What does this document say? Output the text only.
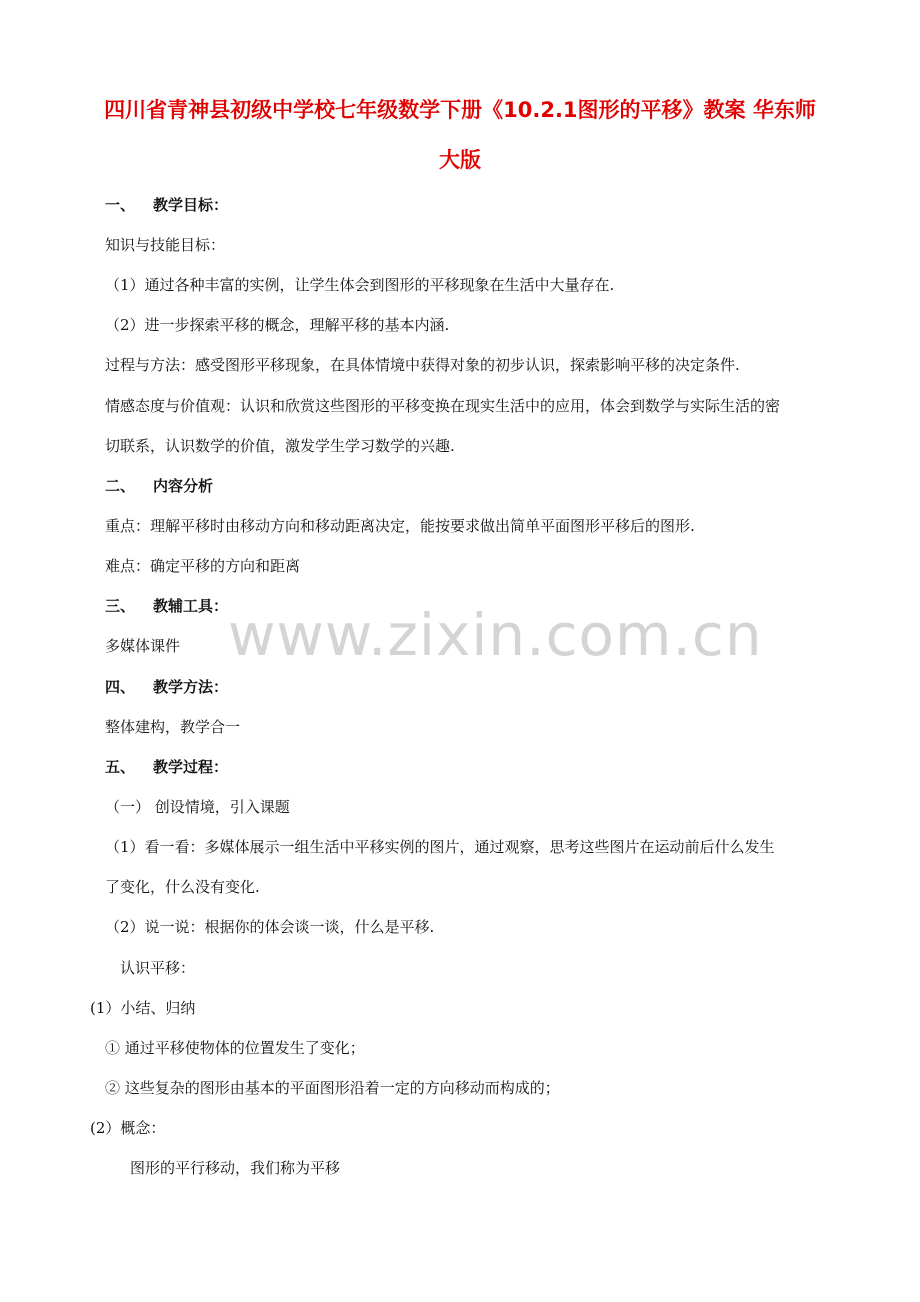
四川省青神县初级中学校七年级数学下册《10.2.1图形的平移》教案 华东师
大版
一、 教学目标：
知识与技能目标：
（1）通过各种丰富的实例，让学生体会到图形的平移现象在生活中大量存在.
（2）进一步探索平移的概念，理解平移的基本内涵.
过程与方法：感受图形平移现象，在具体情境中获得对象的初步认识，探索影响平移的决定条件.
情感态度与价值观：认识和欣赏这些图形的平移变换在现实生活中的应用，体会到数学与实际生活的密
切联系，认识数学的价值，激发学生学习数学的兴趣.
二、 内容分析
重点：理解平移时由移动方向和移动距离决定，能按要求做出简单平面图形平移后的图形.
难点：确定平移的方向和距离
三、 教辅工具：
多媒体课件
四、 教学方法：
整体建构，教学合一
五、 教学过程：
（一） 创设情境，引入课题
（1）看一看：多媒体展示一组生活中平移实例的图片，通过观察，思考这些图片在运动前后什么发生
了变化，什么没有变化.
（2）说一说：根据你的体会谈一谈，什么是平移.
认识平移：
(1）小结、归纳
① 通过平移使物体的位置发生了变化；
② 这些复杂的图形由基本的平面图形沿着一定的方向移动而构成的；
(2）概念：
图形的平行移动，我们称为平移
www.zixin.com.cn
